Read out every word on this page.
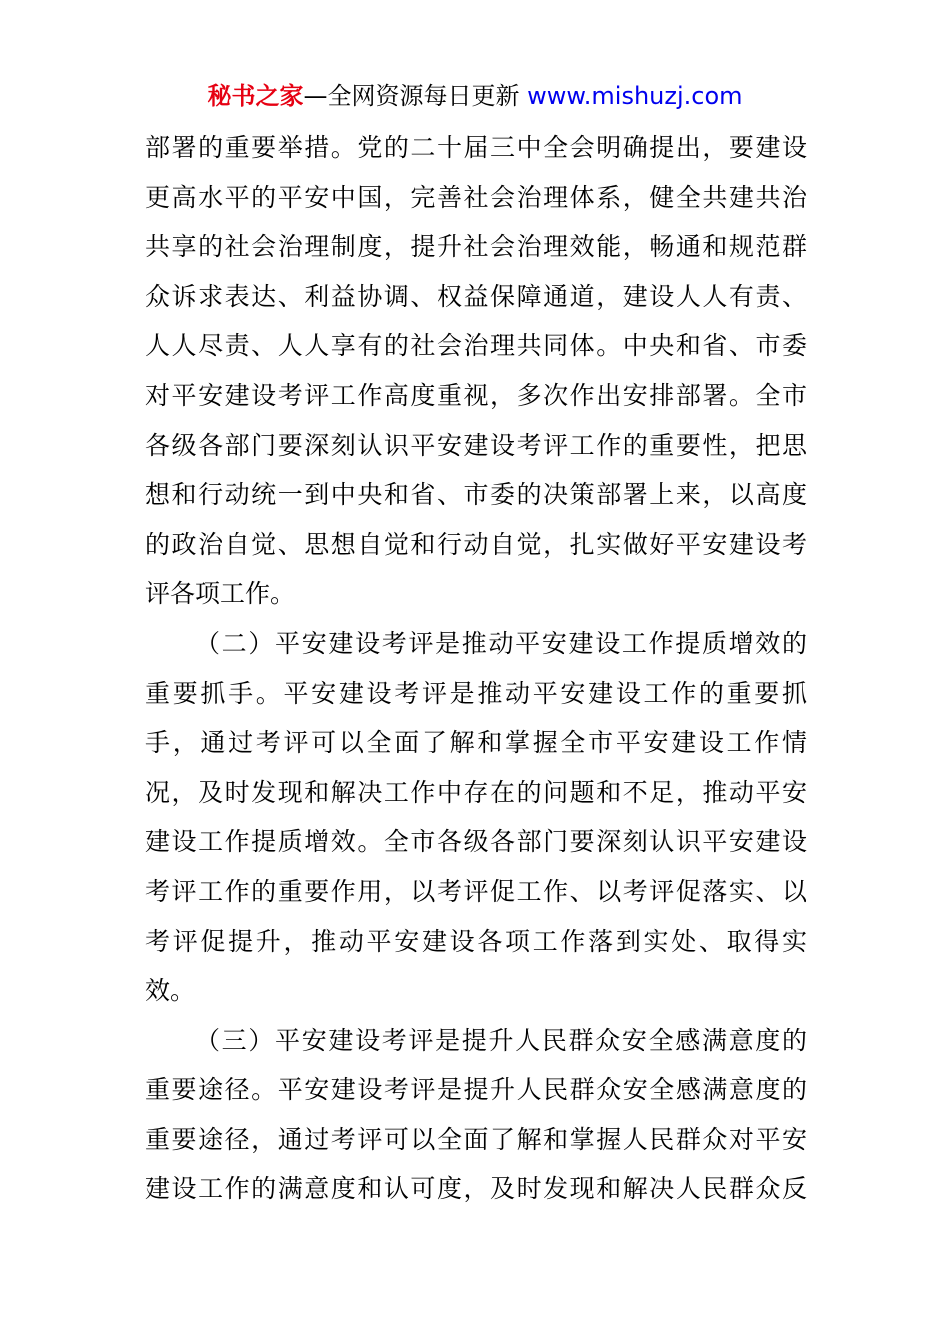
秘书之家—全网资源每日更新 www.mishuzj.com
部署的重要举措。党的二十届三中全会明确提出，要建设
更高水平的平安中国，完善社会治理体系，健全共建共治
共享的社会治理制度，提升社会治理效能，畅通和规范群
众诉求表达、利益协调、权益保障通道，建设人人有责、
人人尽责、人人享有的社会治理共同体。中央和省、市委
对平安建设考评工作高度重视，多次作出安排部署。全市
各级各部门要深刻认识平安建设考评工作的重要性，把思
想和行动统一到中央和省、市委的决策部署上来，以高度
的政治自觉、思想自觉和行动自觉，扎实做好平安建设考
评各项工作。
（二）平安建设考评是推动平安建设工作提质增效的
重要抓手。平安建设考评是推动平安建设工作的重要抓
手，通过考评可以全面了解和掌握全市平安建设工作情
况，及时发现和解决工作中存在的问题和不足，推动平安
建设工作提质增效。全市各级各部门要深刻认识平安建设
考评工作的重要作用，以考评促工作、以考评促落实、以
考评促提升，推动平安建设各项工作落到实处、取得实
效。
（三）平安建设考评是提升人民群众安全感满意度的
重要途径。平安建设考评是提升人民群众安全感满意度的
重要途径，通过考评可以全面了解和掌握人民群众对平安
建设工作的满意度和认可度，及时发现和解决人民群众反
